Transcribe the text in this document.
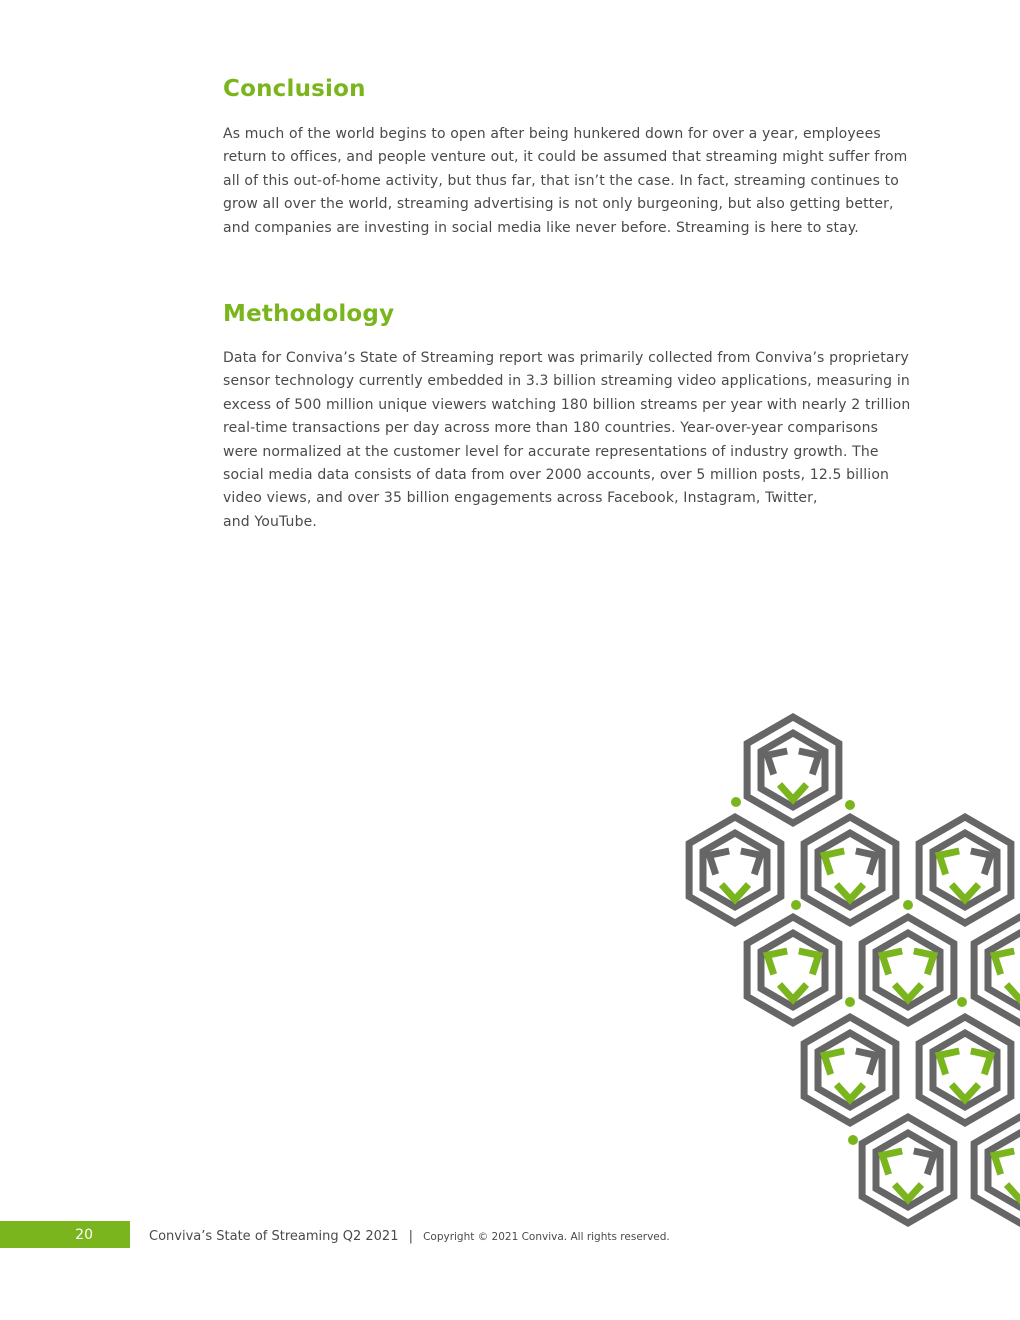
Conclusion

As much of the world begins to open after being hunkered down for over a year, employees
return to offices, and people venture out, it could be assumed that streaming might suffer from
all of this out-of-home activity, but thus far, that isn’t the case. In fact, streaming continues to
grow all over the world, streaming advertising is not only burgeoning, but also getting better,
and companies are investing in social media like never before. Streaming is here to stay.

Methodology

Data for Conviva’s State of Streaming report was primarily collected from Conviva’s proprietary
sensor technology currently embedded in 3.3 billion streaming video applications, measuring in
excess of 500 million unique viewers watching 180 billion streams per year with nearly 2 trillion
real-time transactions per day across more than 180 countries. Year-over-year comparisons
were normalized at the customer level for accurate representations of industry growth. The
social media data consists of data from over 2000 accounts, over 5 million posts, 12.5 billion
video views, and over 35 billion engagements across Facebook, Instagram, Twitter,
and YouTube.

20	Conviva’s State of Streaming Q2 2021 | Copyright © 2021 Conviva. All rights reserved.
